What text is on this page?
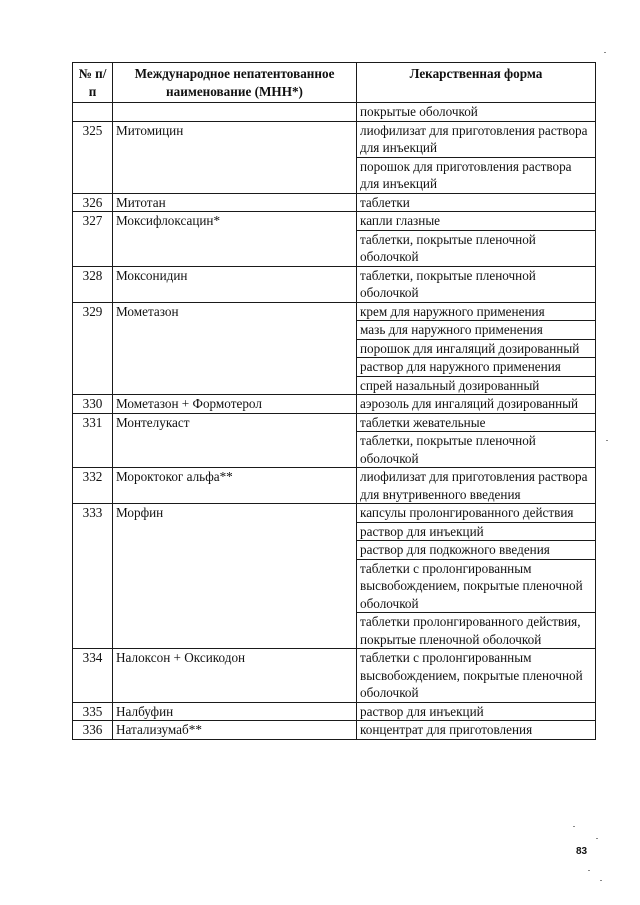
№ п/п	Международное непатентованное наименование (МНН*)	Лекарственная форма
		покрытые оболочкой
325	Митомицин	лиофилизат для приготовления раствора для инъекций
		порошок для приготовления раствора для инъекций
326	Митотан	таблетки
327	Моксифлоксацин*	капли глазные
		таблетки, покрытые пленочной оболочкой
328	Моксонидин	таблетки, покрытые пленочной оболочкой
329	Мометазон	крем для наружного применения
		мазь для наружного применения
		порошок для ингаляций дозированный
		раствор для наружного применения
		спрей назальный дозированный
330	Мометазон + Формотерол	аэрозоль для ингаляций дозированный
331	Монтелукаст	таблетки жевательные
		таблетки, покрытые пленочной оболочкой
332	Мороктоког альфа**	лиофилизат для приготовления раствора для внутривенного введения
333	Морфин	капсулы пролонгированного действия
		раствор для инъекций
		раствор для подкожного введения
		таблетки с пролонгированным высвобождением, покрытые пленочной оболочкой
		таблетки пролонгированного действия, покрытые пленочной оболочкой
334	Налоксон + Оксикодон	таблетки с пролонгированным высвобождением, покрытые пленочной оболочкой
335	Налбуфин	раствор для инъекций
336	Натализумаб**	концентрат для приготовления
83
